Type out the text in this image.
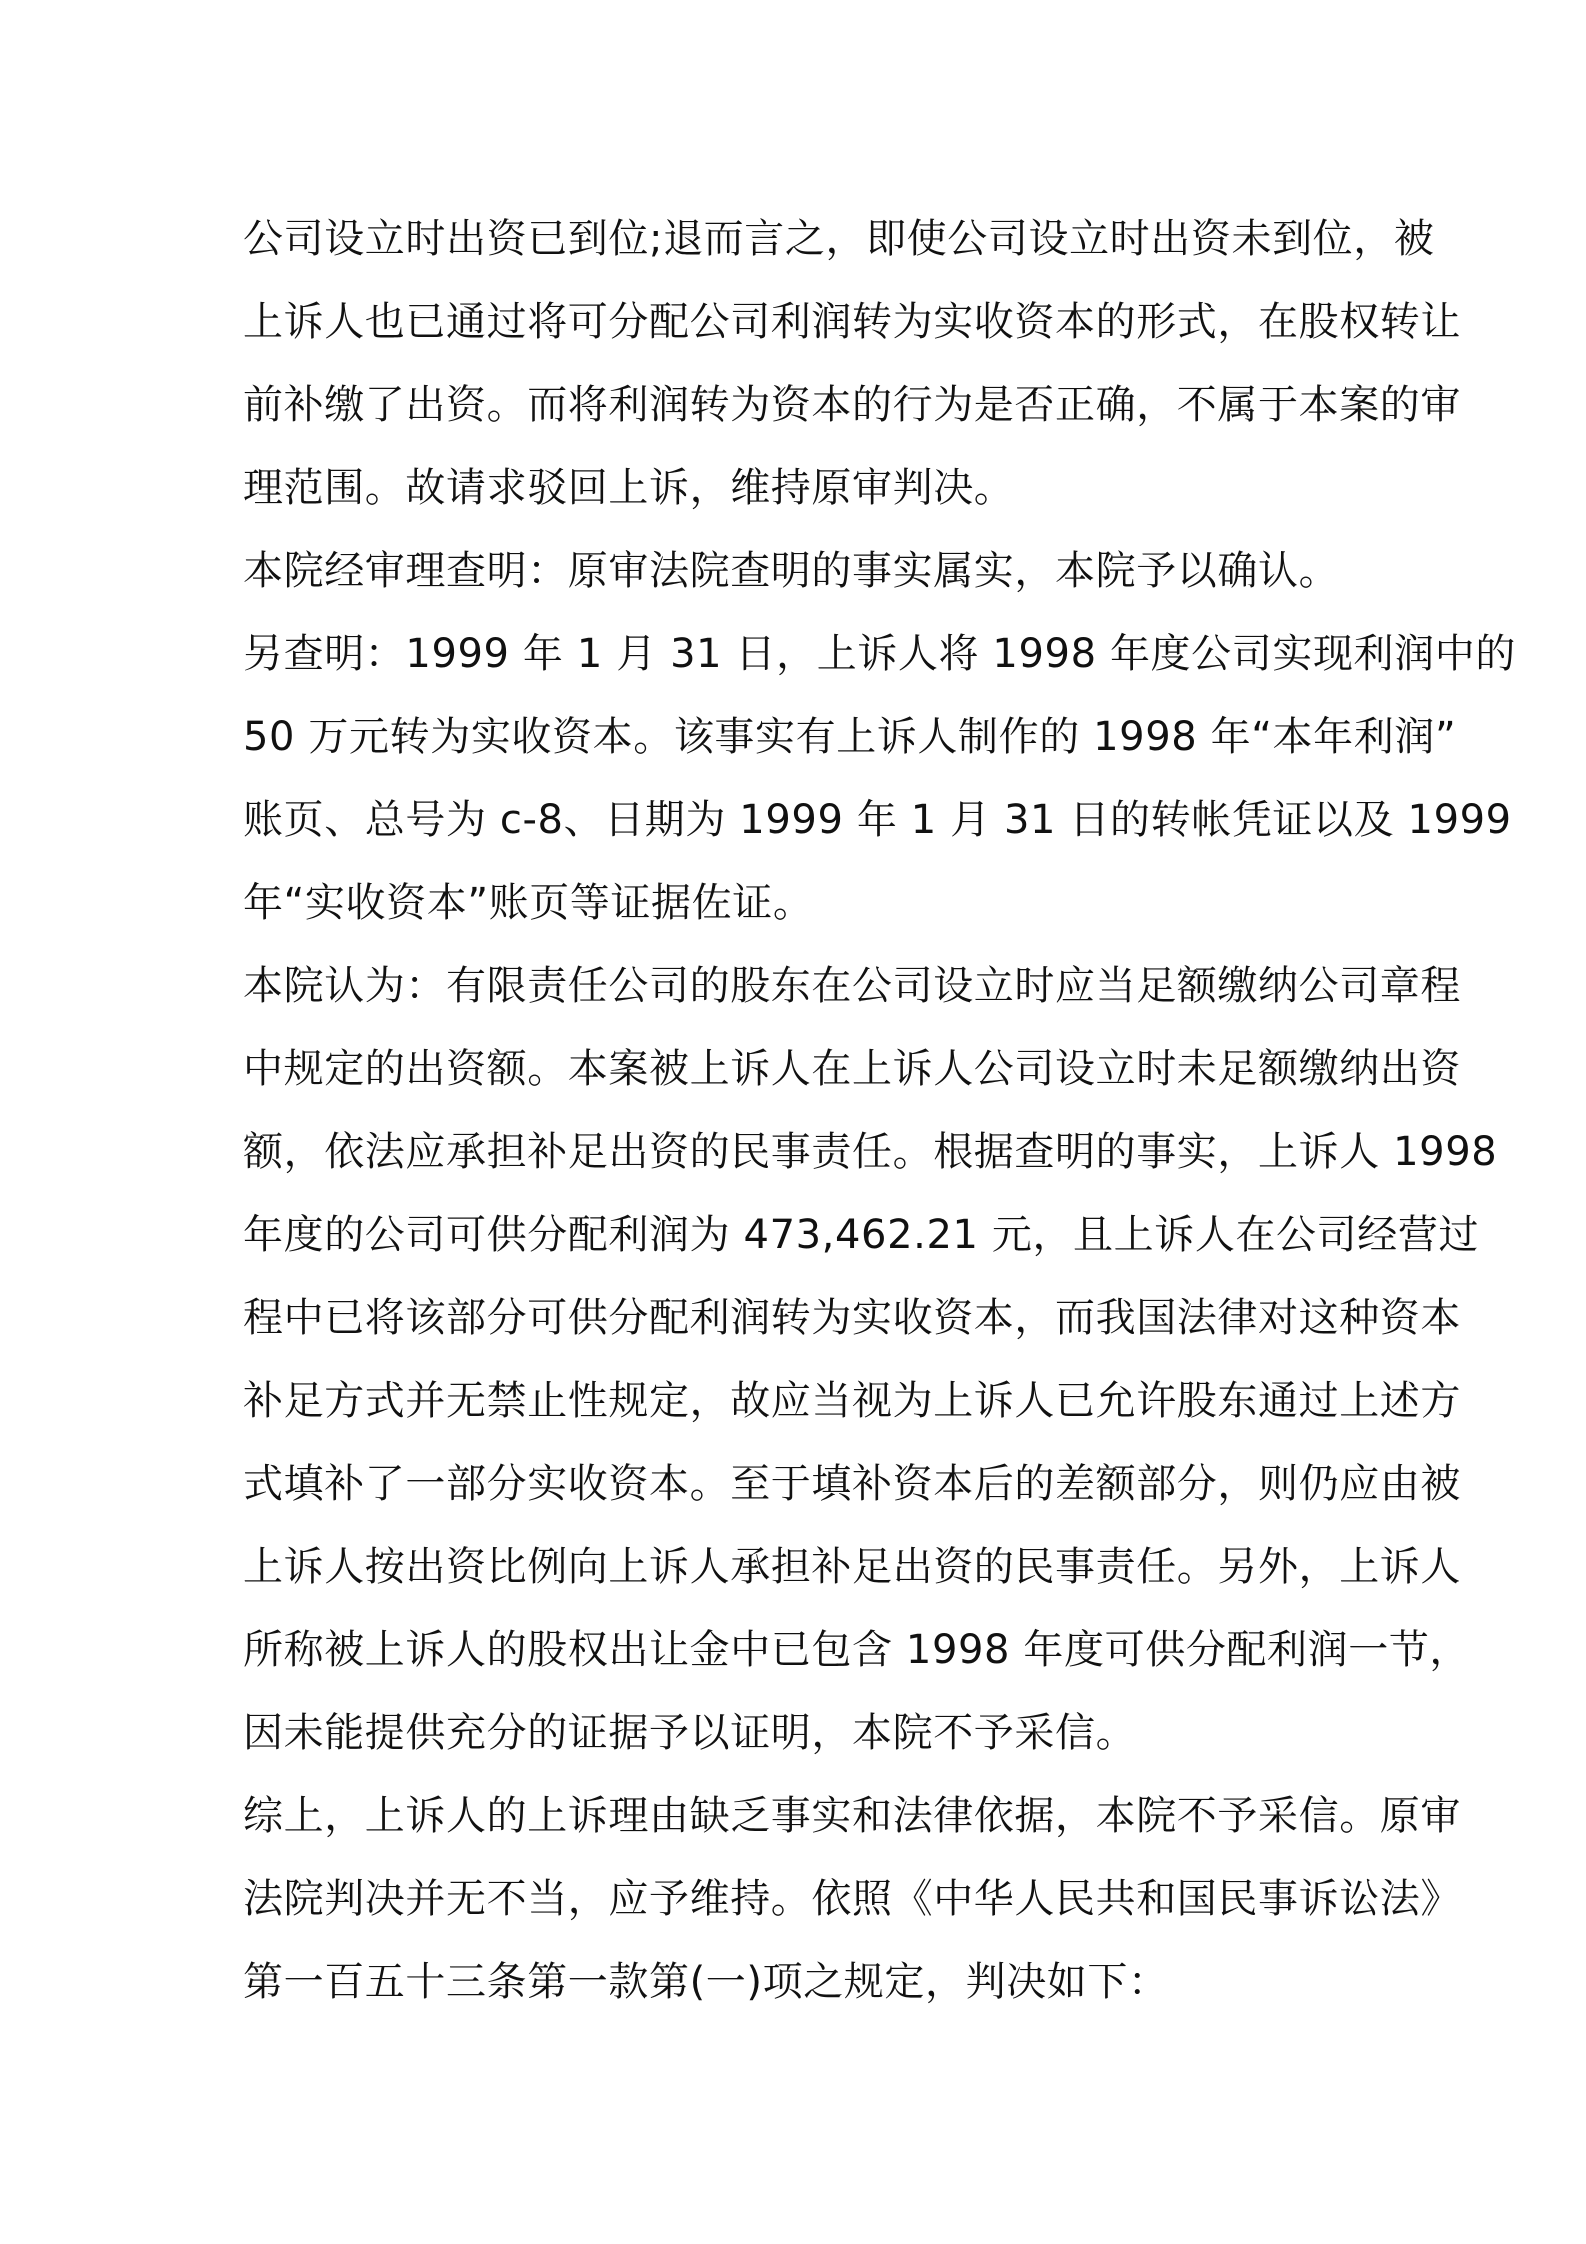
公司设立时出资已到位;退而言之，即使公司设立时出资未到位，被
上诉人也已通过将可分配公司利润转为实收资本的形式，在股权转让
前补缴了出资。而将利润转为资本的行为是否正确，不属于本案的审
理范围。故请求驳回上诉，维持原审判决。
本院经审理查明：原审法院查明的事实属实，本院予以确认。
另查明：1999 年 1 月 31 日，上诉人将 1998 年度公司实现利润中的
50 万元转为实收资本。该事实有上诉人制作的 1998 年“本年利润”
账页、总号为 c-8、日期为 1999 年 1 月 31 日的转帐凭证以及 1999
年“实收资本”账页等证据佐证。
本院认为：有限责任公司的股东在公司设立时应当足额缴纳公司章程
中规定的出资额。本案被上诉人在上诉人公司设立时未足额缴纳出资
额，依法应承担补足出资的民事责任。根据查明的事实，上诉人 1998
年度的公司可供分配利润为 473,462.21 元，且上诉人在公司经营过
程中已将该部分可供分配利润转为实收资本，而我国法律对这种资本
补足方式并无禁止性规定，故应当视为上诉人已允许股东通过上述方
式填补了一部分实收资本。至于填补资本后的差额部分，则仍应由被
上诉人按出资比例向上诉人承担补足出资的民事责任。另外，上诉人
所称被上诉人的股权出让金中已包含 1998 年度可供分配利润一节，
因未能提供充分的证据予以证明，本院不予采信。
综上，上诉人的上诉理由缺乏事实和法律依据，本院不予采信。原审
法院判决并无不当，应予维持。依照《中华人民共和国民事诉讼法》
第一百五十三条第一款第(一)项之规定，判决如下：
